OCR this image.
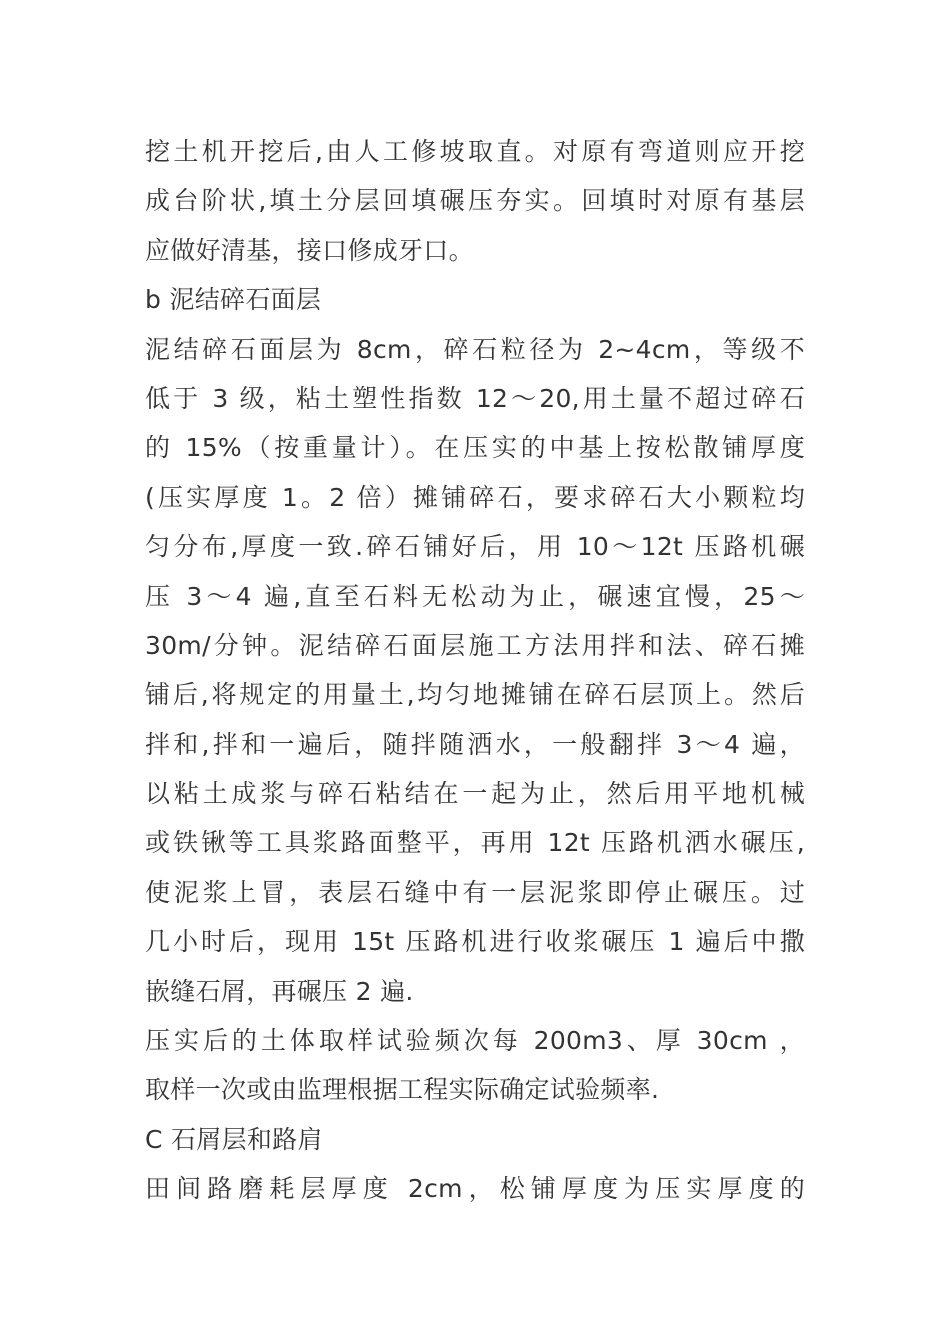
挖土机开挖后,由人工修坡取直。对原有弯道则应开挖
成台阶状,填土分层回填碾压夯实。回填时对原有基层
应做好清基，接口修成牙口。
b 泥结碎石面层
泥结碎石面层为 8cm，碎石粒径为 2~4cm，等级不
低于 3 级，粘土塑性指数 12～20,用土量不超过碎石
的 15%（按重量计）。在压实的中基上按松散铺厚度
(压实厚度 1。2 倍）摊铺碎石，要求碎石大小颗粒均
匀分布,厚度一致.碎石铺好后，用 10～12t 压路机碾
压 3～4 遍,直至石料无松动为止，碾速宜慢，25～
30m/分钟。泥结碎石面层施工方法用拌和法、碎石摊
铺后,将规定的用量土,均匀地摊铺在碎石层顶上。然后
拌和,拌和一遍后，随拌随洒水，一般翻拌 3～4 遍，
以粘土成浆与碎石粘结在一起为止，然后用平地机械
或铁锹等工具浆路面整平，再用 12t 压路机洒水碾压,
使泥浆上冒，表层石缝中有一层泥浆即停止碾压。过
几小时后，现用 15t 压路机进行收浆碾压 1 遍后中撒
嵌缝石屑，再碾压 2 遍.
压实后的土体取样试验频次每 200m3、厚 30cm ，
取样一次或由监理根据工程实际确定试验频率.
C 石屑层和路肩
田间路磨耗层厚度 2cm，松铺厚度为压实厚度的
